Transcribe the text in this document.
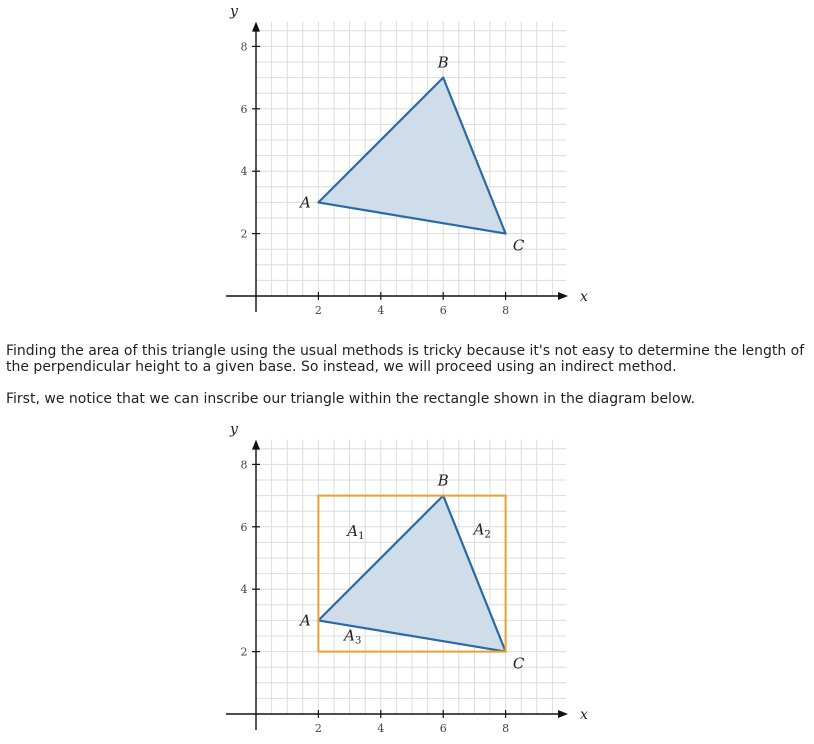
2	4	6	8
2
4
6
8
A
B
C
x
y

Finding the area of this triangle using the usual methods is tricky because it's not easy to determine the length of the perpendicular height to a given base. So instead, we will proceed using an indirect method.

First, we notice that we can inscribe our triangle within the rectangle shown in the diagram below.

2	4	6	8
2
4
6
8
A
B
C
$A_1$	$A_2$
$A_3$
x
y
